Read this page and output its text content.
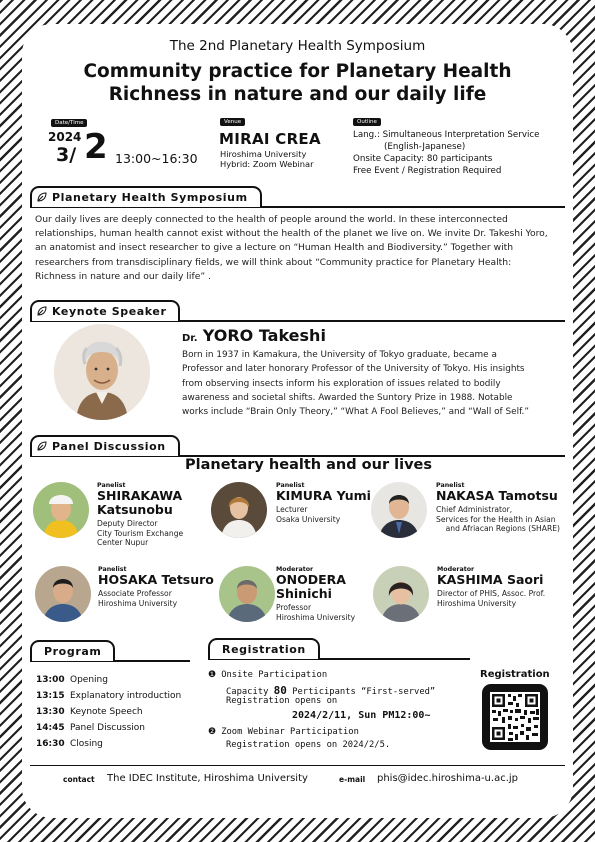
The 2nd Planetary Health Symposium
Community practice for Planetary Health
Richness in nature and our daily life
Date/Time
2024
3/ 2 13:00~16:30
Venue
MIRAI CREA
Hiroshima University
Hybrid: Zoom Webinar
Outline
Lang.: Simultaneous Interpretation Service
(English-Japanese)
Onsite Capacity: 80 participants
Free Event / Registration Required
Planetary Health Symposium
Our daily lives are deeply connected to the health of people around the world. In these interconnected
relationships, human health cannot exist without the health of the planet we live on. We invite Dr. Takeshi Yoro,
an anatomist and insect researcher to give a lecture on “Human Health and Biodiversity.” Together with
researchers from transdisciplinary fields, we will think about “Community practice for Planetary Health:
Richness in nature and our daily life” .
Keynote Speaker
Dr. YORO Takeshi
Born in 1937 in Kamakura, the University of Tokyo graduate, became a
Professor and later honorary Professor of the University of Tokyo. His insights
from observing insects inform his exploration of issues related to bodily
awareness and societal shifts. Awarded the Suntory Prize in 1988. Notable
works include “Brain Only Theory,” “What A Fool Believes,” and “Wall of Self.”
Panel Discussion
Planetary health and our lives
Panelist
SHIRAKAWA
Katsunobu
Deputy Director
City Tourism Exchange
Center Nupur
Panelist
KIMURA Yumi
Lecturer
Osaka University
Panelist
NAKASA Tamotsu
Chief Administrator,
Services for the Health in Asian
and Afriacan Regions (SHARE)
Panelist
HOSAKA Tetsuro
Associate Professor
Hiroshima University
Moderator
ONODERA
Shinichi
Professor
Hiroshima University
Moderator
KASHIMA Saori
Director of PHIS, Assoc. Prof.
Hiroshima University
Program
13:00 Opening
13:15 Explanatory introduction
13:30 Keynote Speech
14:45 Panel Discussion
16:30 Closing
Registration
❶ Onsite Participation
Capacity 80 Perticipants “First-served”
Registration opens on
2024/2/11, Sun PM12:00~
❷ Zoom Webinar Participation
Registration opens on 2024/2/5.
Registration
contact The IDEC Institute, Hiroshima University	e-mail phis@idec.hiroshima-u.ac.jp
